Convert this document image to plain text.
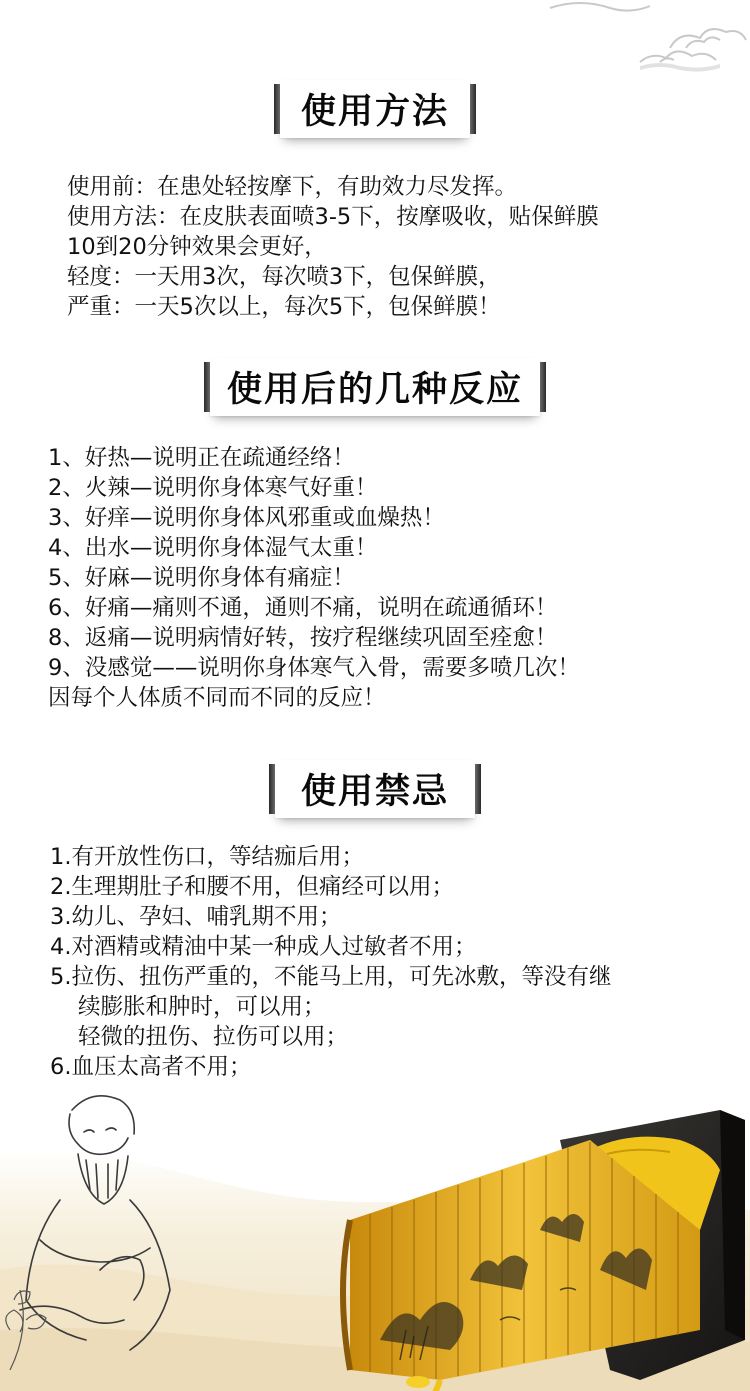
使用方法
使用前：在患处轻按摩下，有助效力尽发挥。
使用方法：在皮肤表面喷3-5下，按摩吸收，贴保鲜膜
10到20分钟效果会更好，
轻度：一天用3次，每次喷3下，包保鲜膜，
严重：一天5次以上，每次5下，包保鲜膜！
使用后的几种反应
1、好热—说明正在疏通经络！
2、火辣—说明你身体寒气好重！
3、好痒—说明你身体风邪重或血燥热！
4、出水—说明你身体湿气太重！
5、好麻—说明你身体有痛症！
6、好痛—痛则不通，通则不痛，说明在疏通循环！
8、返痛—说明病情好转，按疗程继续巩固至痊愈！
9、没感觉——说明你身体寒气入骨，需要多喷几次！
因每个人体质不同而不同的反应！
使用禁忌
1.有开放性伤口，等结痂后用；
2.生理期肚子和腰不用，但痛经可以用；
3.幼儿、孕妇、哺乳期不用；
4.对酒精或精油中某一种成人过敏者不用；
5.拉伤、扭伤严重的，不能马上用，可先冰敷，等没有继
续膨胀和肿时，可以用；
轻微的扭伤、拉伤可以用；
6.血压太高者不用；
